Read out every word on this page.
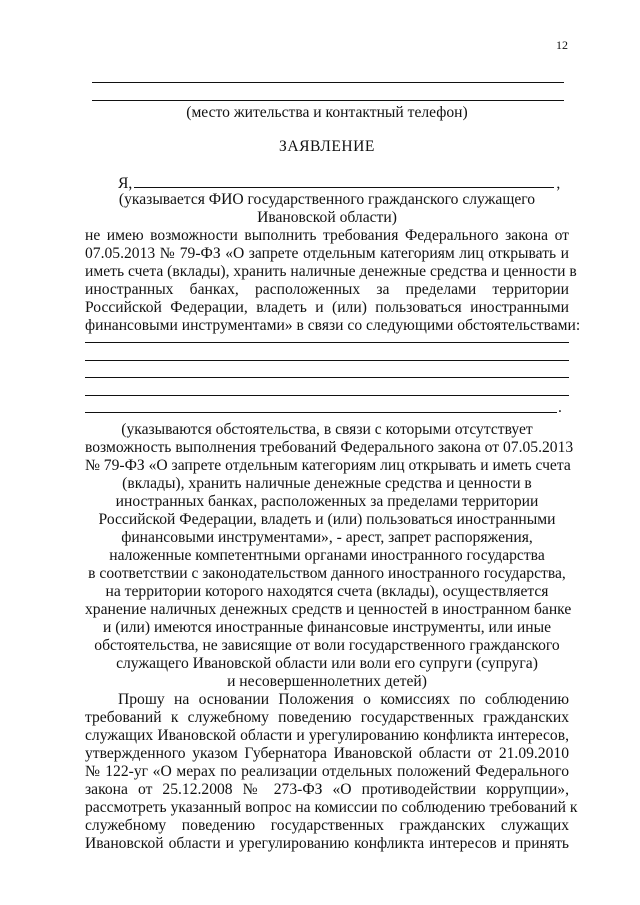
12
(место жительства и контактный телефон)
ЗАЯВЛЕНИЕ
Я,	,
(указывается ФИО государственного гражданского служащего
Ивановской области)
не имею возможности выполнить требования Федерального закона от
07.05.2013 № 79-ФЗ «О запрете отдельным категориям лиц открывать и
иметь счета (вклады), хранить наличные денежные средства и ценности в
иностранных банках, расположенных за пределами территории
Российской Федерации, владеть и (или) пользоваться иностранными
финансовыми инструментами» в связи со следующими обстоятельствами:
.
(указываются обстоятельства, в связи с которыми отсутствует
возможность выполнения требований Федерального закона от 07.05.2013
№ 79-ФЗ «О запрете отдельным категориям лиц открывать и иметь счета
(вклады), хранить наличные денежные средства и ценности в
иностранных банках, расположенных за пределами территории
Российской Федерации, владеть и (или) пользоваться иностранными
финансовыми инструментами», - арест, запрет распоряжения,
наложенные компетентными органами иностранного государства
в соответствии с законодательством данного иностранного государства,
на территории которого находятся счета (вклады), осуществляется
хранение наличных денежных средств и ценностей в иностранном банке
и (или) имеются иностранные финансовые инструменты, или иные
обстоятельства, не зависящие от воли государственного гражданского
служащего Ивановской области или воли его супруги (супруга)
и несовершеннолетних детей)
Прошу на основании Положения о комиссиях по соблюдению
требований к служебному поведению государственных гражданских
служащих Ивановской области и урегулированию конфликта интересов,
утвержденного указом Губернатора Ивановской области от 21.09.2010
№ 122-уг «О мерах по реализации отдельных положений Федерального
закона от 25.12.2008 № 273-ФЗ «О противодействии коррупции»,
рассмотреть указанный вопрос на комиссии по соблюдению требований к
служебному поведению государственных гражданских служащих
Ивановской области и урегулированию конфликта интересов и принять
